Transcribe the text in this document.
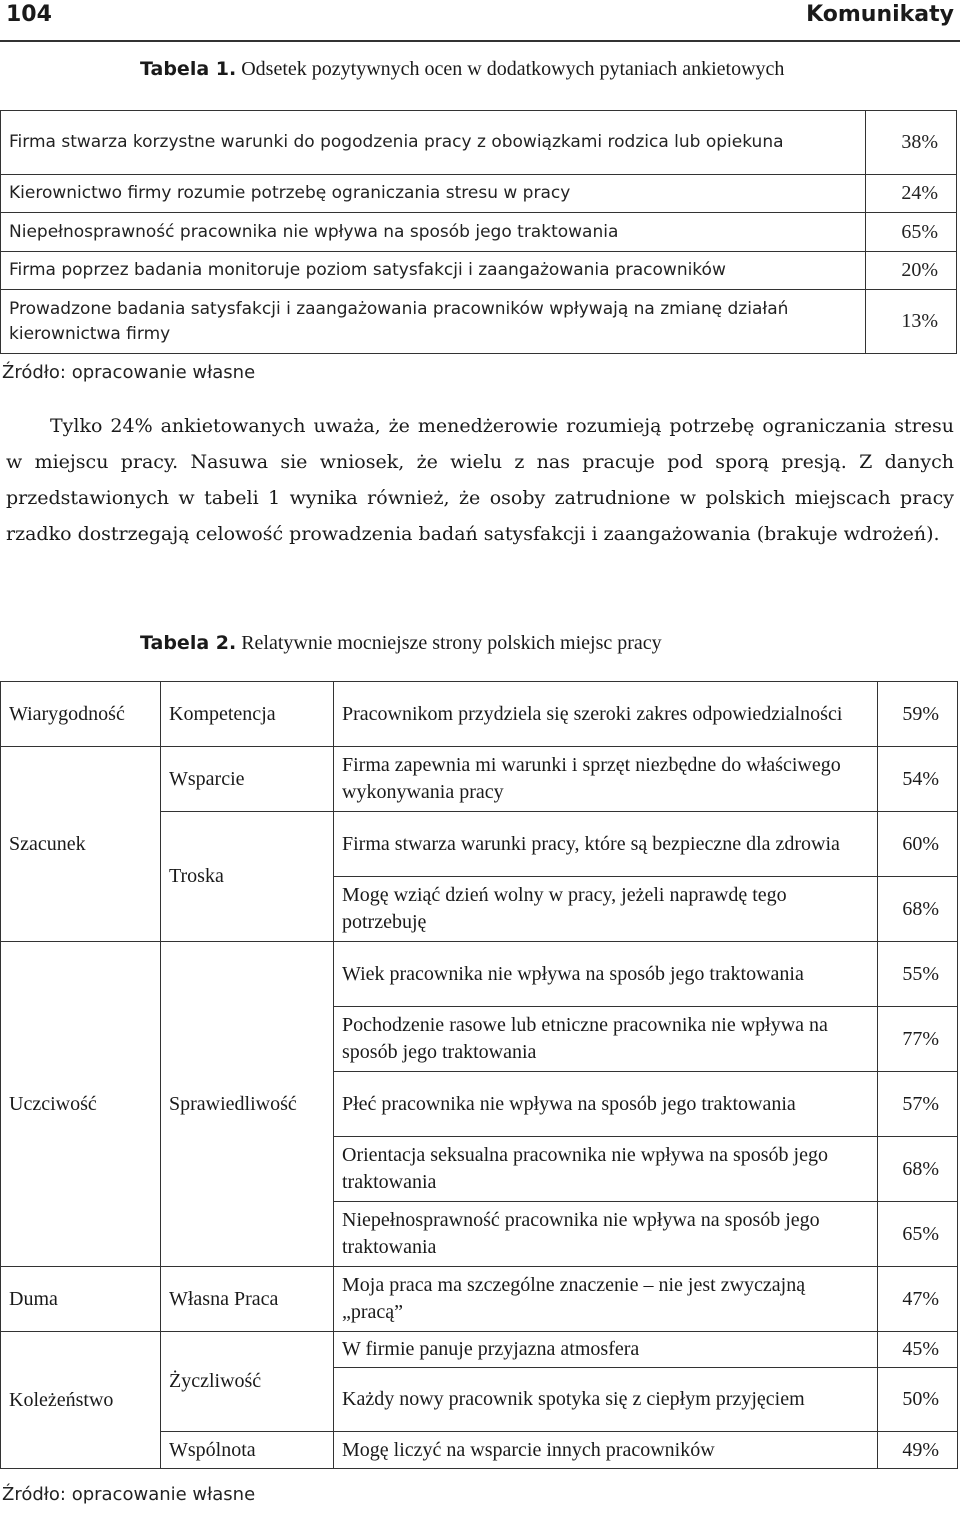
104	Komunikaty
Tabela 1. Odsetek pozytywnych ocen w dodatkowych pytaniach ankietowych
Firma stwarza korzystne warunki do pogodzenia pracy z obowiązkami rodzica lub opiekuna	38%
Kierownictwo firmy rozumie potrzebę ograniczania stresu w pracy	24%
Niepełnosprawność pracownika nie wpływa na sposób jego traktowania	65%
Firma poprzez badania monitoruje poziom satysfakcji i zaangażowania pracowników	20%
Prowadzone badania satysfakcji i zaangażowania pracowników wpływają na zmianę działań kierownictwa firmy	13%
Źródło: opracowanie własne

Tylko 24% ankietowanych uważa, że menedżerowie rozumieją potrzebę ograniczania stresu w miejscu pracy. Nasuwa sie wniosek, że wielu z nas pracuje pod sporą presją. Z danych przedstawionych w tabeli 1 wynika również, że osoby zatrudnione w polskich miejscach pracy rzadko dostrzegają celowość prowadzenia badań satysfakcji i zaangażowania (brakuje wdrożeń).

Tabela 2. Relatywnie mocniejsze strony polskich miejsc pracy
Wiarygodność	Kompetencja	Pracownikom przydziela się szeroki zakres odpowiedzialności	59%
Szacunek	Wsparcie	Firma zapewnia mi warunki i sprzęt niezbędne do właściwego wykonywania pracy	54%
	Troska	Firma stwarza warunki pracy, które są bezpieczne dla zdrowia	60%
		Mogę wziąć dzień wolny w pracy, jeżeli naprawdę tego potrzebuję	68%
Uczciwość	Sprawiedliwość	Wiek pracownika nie wpływa na sposób jego traktowania	55%
		Pochodzenie rasowe lub etniczne pracownika nie wpływa na sposób jego traktowania	77%
		Płeć pracownika nie wpływa na sposób jego traktowania	57%
		Orientacja seksualna pracownika nie wpływa na sposób jego traktowania	68%
		Niepełnosprawność pracownika nie wpływa na sposób jego traktowania	65%
Duma	Własna Praca	Moja praca ma szczególne znaczenie – nie jest zwyczajną „pracą”	47%
Koleżeństwo	Życzliwość	W firmie panuje przyjazna atmosfera	45%
		Każdy nowy pracownik spotyka się z ciepłym przyjęciem	50%
	Wspólnota	Mogę liczyć na wsparcie innych pracowników	49%
Źródło: opracowanie własne
